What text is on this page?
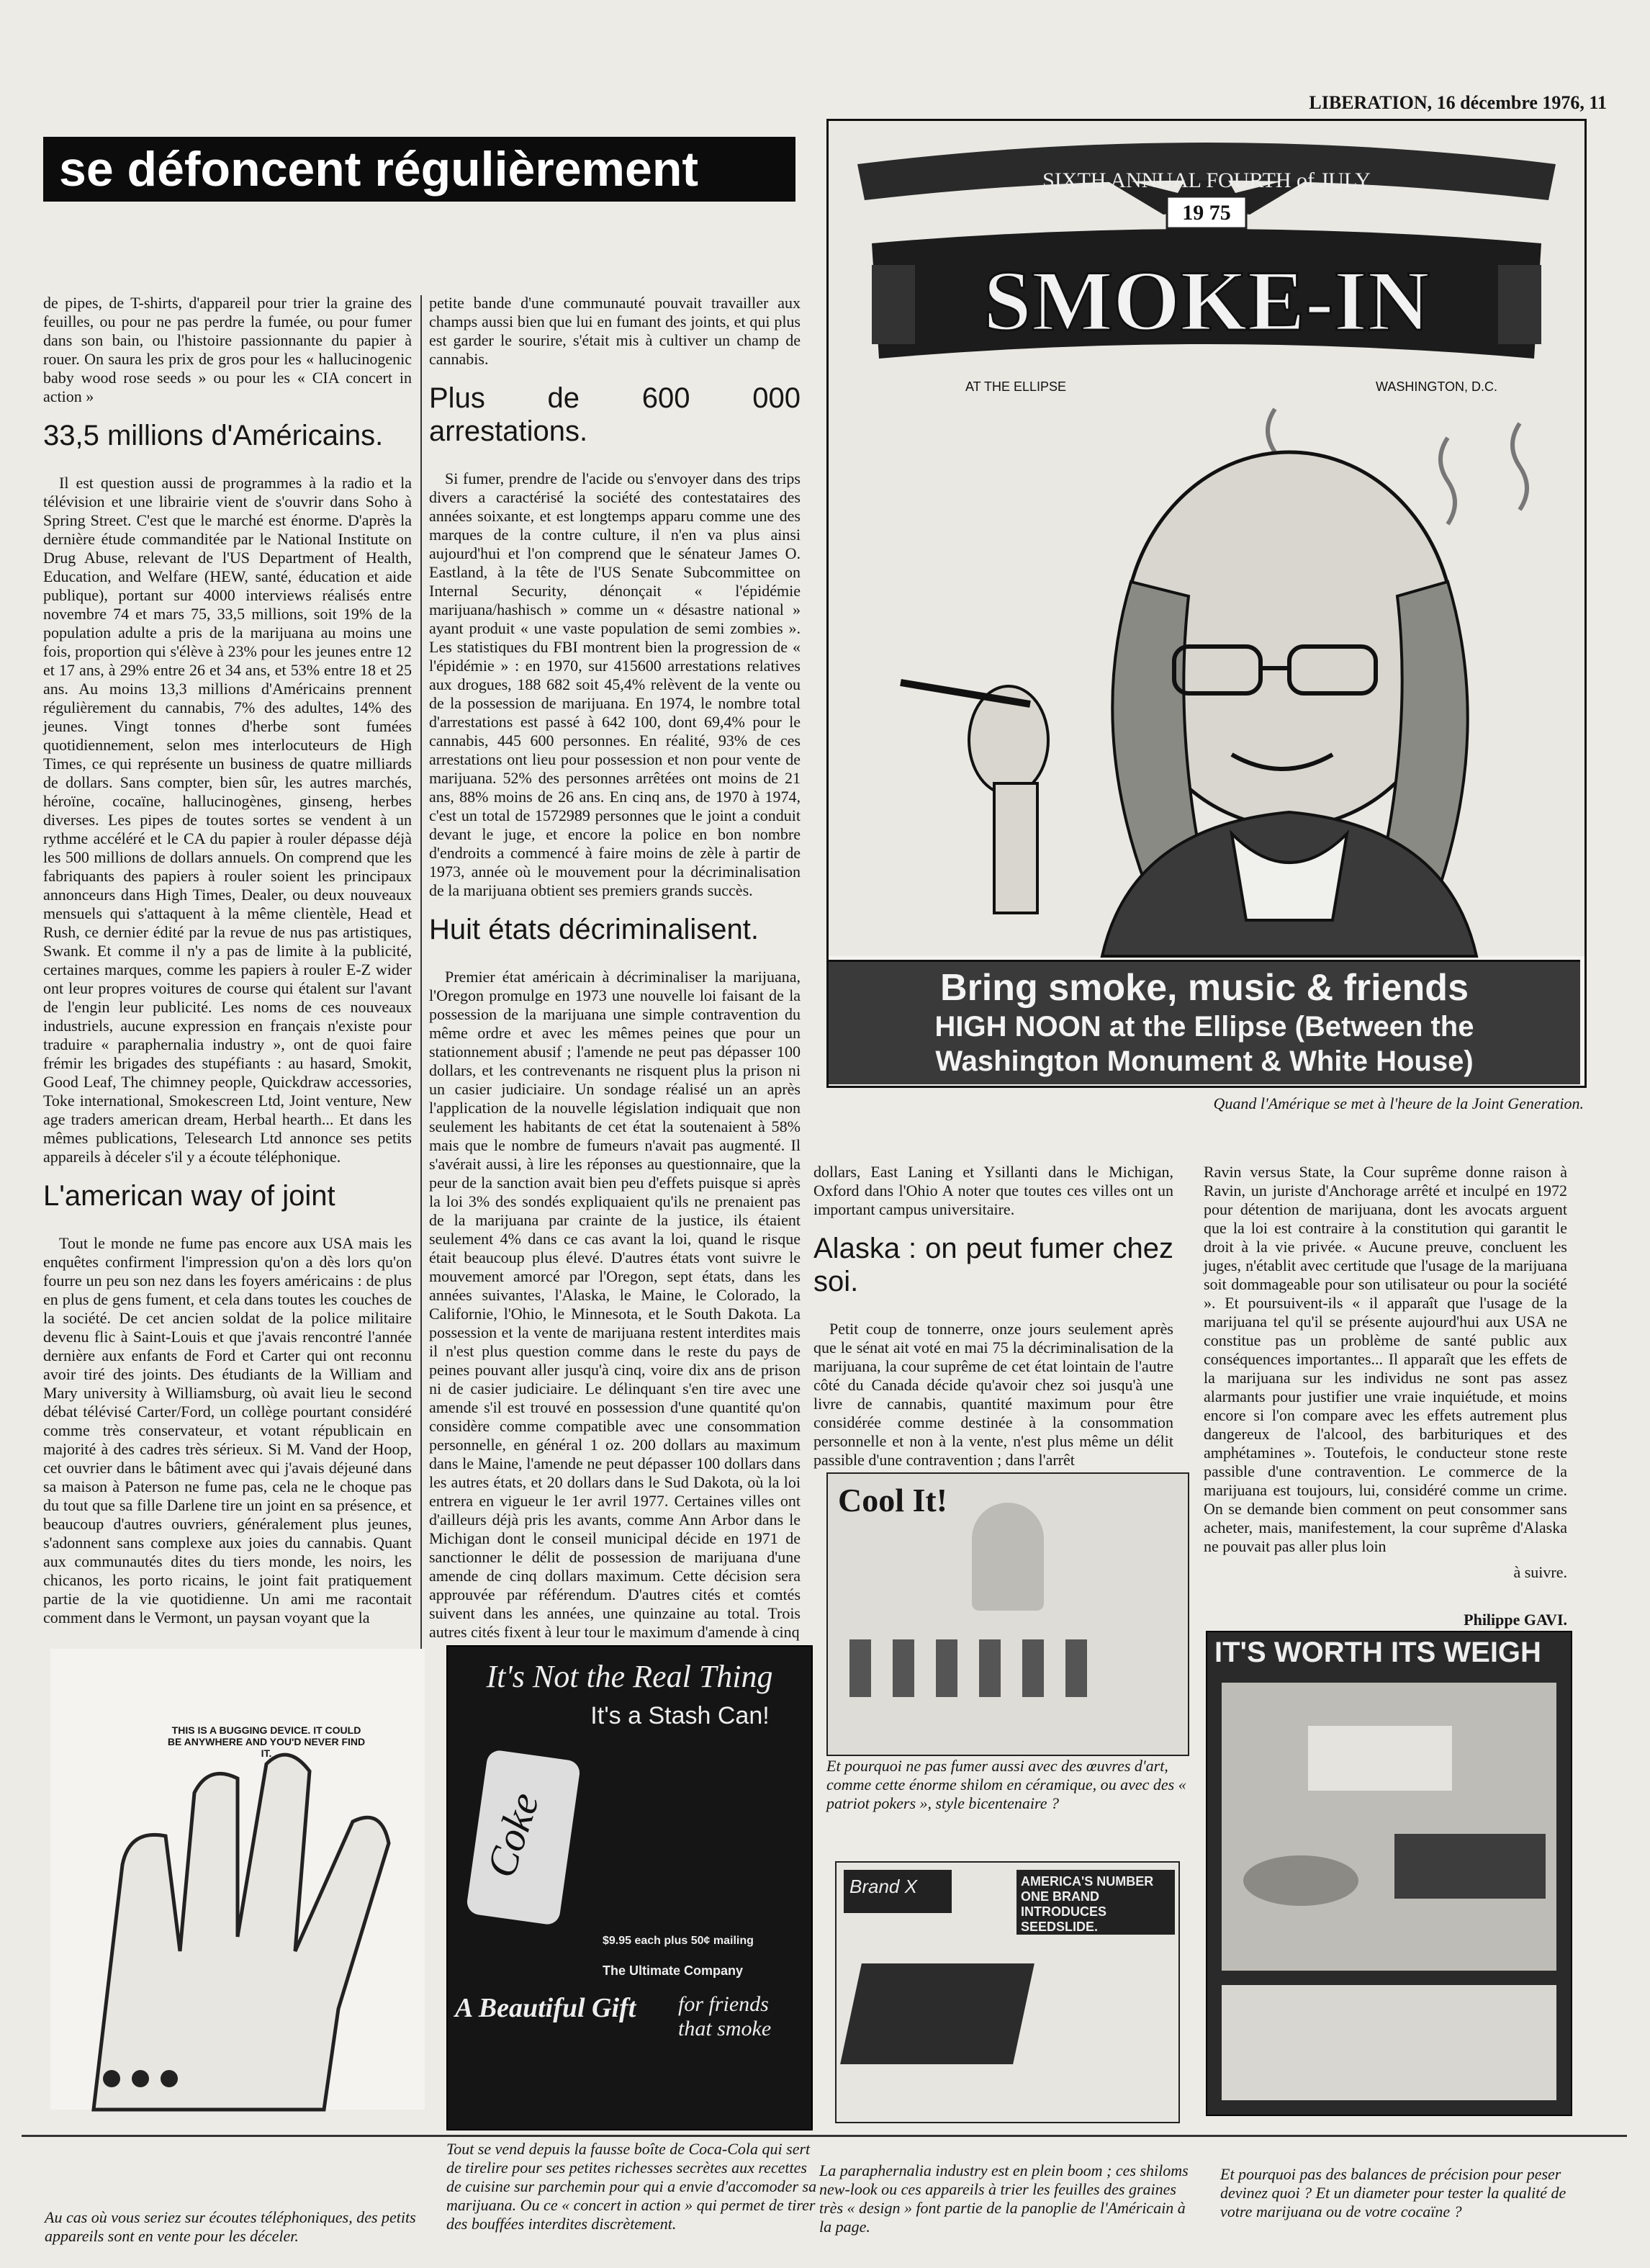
LIBERATION, 16 décembre 1976, 11
se défoncent régulièrement

de pipes, de T-shirts, d'appareil pour trier la graine des feuilles, ou pour ne pas perdre la fumée, ou pour fumer dans son bain, ou l'histoire passionnante du papier à rouer. On saura les prix de gros pour les « hallucinogenic baby wood rose seeds » ou pour les « CIA concert in action »

33,5 millions d'Américains.

Il est question aussi de programmes à la radio et la télévision et une librairie vient de s'ouvrir dans Soho à Spring Street. C'est que le marché est énorme. D'après la dernière étude commanditée par le National Institute on Drug Abuse, relevant de l'US Department of Health, Education, and Welfare (HEW, santé, éducation et aide publique), portant sur 4000 interviews réalisés entre novembre 74 et mars 75, 33,5 millions, soit 19% de la population adulte a pris de la marijuana au moins une fois, proportion qui s'élève à 23% pour les jeunes entre 12 et 17 ans, à 29% entre 26 et 34 ans, et 53% entre 18 et 25 ans. Au moins 13,3 millions d'Américains prennent régulièrement du cannabis, 7% des adultes, 14% des jeunes. Vingt tonnes d'herbe sont fumées quotidiennement, selon mes interlocuteurs de High Times, ce qui représente un business de quatre milliards de dollars. Sans compter, bien sûr, les autres marchés, héroïne, cocaïne, hallucinogènes, ginseng, herbes diverses. Les pipes de toutes sortes se vendent à un rythme accéléré et le CA du papier à rouler dépasse déjà les 500 millions de dollars annuels. On comprend que les fabriquants des papiers à rouler soient les principaux annonceurs dans High Times, Dealer, ou deux nouveaux mensuels qui s'attaquent à la même clientèle, Head et Rush, ce dernier édité par la revue de nus pas artistiques, Swank. Et comme il n'y a pas de limite à la publicité, certaines marques, comme les papiers à rouler E-Z wider ont leur propres voitures de course qui étalent sur l'avant de l'engin leur publicité. Les noms de ces nouveaux industriels, aucune expression en français n'existe pour traduire « paraphernalia industry », ont de quoi faire frémir les brigades des stupéfiants : au hasard, Smokit, Good Leaf, The chimney people, Quickdraw accessories, Toke international, Smokescreen Ltd, Joint venture, New age traders american dream, Herbal hearth... Et dans les mêmes publications, Telesearch Ltd annonce ses petits appareils à déceler s'il y a écoute téléphonique.

L'american way of joint

Tout le monde ne fume pas encore aux USA mais les enquêtes confirment l'impression qu'on a dès lors qu'on fourre un peu son nez dans les foyers américains : de plus en plus de gens fument, et cela dans toutes les couches de la société. De cet ancien soldat de la police militaire devenu flic à Saint-Louis et que j'avais rencontré l'année dernière aux enfants de Ford et Carter qui ont reconnu avoir tiré des joints. Des étudiants de la William and Mary university à Williamsburg, où avait lieu le second débat télévisé Carter/Ford, un collège pourtant considéré comme très conservateur, et votant républicain en majorité à des cadres très sérieux. Si M. Vand der Hoop, cet ouvrier dans le bâtiment avec qui j'avais déjeuné dans sa maison à Paterson ne fume pas, cela ne le choque pas du tout que sa fille Darlene tire un joint en sa présence, et beaucoup d'autres ouvriers, généralement plus jeunes, s'adonnent sans complexe aux joies du cannabis. Quant aux communautés dites du tiers monde, les noirs, les chicanos, les porto ricains, le joint fait pratiquement partie de la vie quotidienne. Un ami me racontait comment dans le Vermont, un paysan voyant que la

petite bande d'une communauté pouvait travailler aux champs aussi bien que lui en fumant des joints, et qui plus est garder le sourire, s'était mis à cultiver un champ de cannabis.

Plus de 600 000 arrestations.

Si fumer, prendre de l'acide ou s'envoyer dans des trips divers a caractérisé la société des contestataires des années soixante, et est longtemps apparu comme une des marques de la contre culture, il n'en va plus ainsi aujourd'hui et l'on comprend que le sénateur James O. Eastland, à la tête de l'US Senate Subcommittee on Internal Security, dénonçait « l'épidémie marijuana/hashisch » comme un « désastre national » ayant produit « une vaste population de semi zombies ». Les statistiques du FBI montrent bien la progression de « l'épidémie » : en 1970, sur 415600 arrestations relatives aux drogues, 188 682 soit 45,4% relèvent de la vente ou de la possession de marijuana. En 1974, le nombre total d'arrestations est passé à 642 100, dont 69,4% pour le cannabis, 445 600 personnes. En réalité, 93% de ces arrestations ont lieu pour possession et non pour vente de marijuana. 52% des personnes arrêtées ont moins de 21 ans, 88% moins de 26 ans. En cinq ans, de 1970 à 1974, c'est un total de 1572989 personnes que le joint a conduit devant le juge, et encore la police en bon nombre d'endroits a commencé à faire moins de zèle à partir de 1973, année où le mouvement pour la décriminalisation de la marijuana obtient ses premiers grands succès.

Huit états décriminalisent.

Premier état américain à décriminaliser la marijuana, l'Oregon promulge en 1973 une nouvelle loi faisant de la possession de la marijuana une simple contravention du même ordre et avec les mêmes peines que pour un stationnement abusif ; l'amende ne peut pas dépasser 100 dollars, et les contrevenants ne risquent plus la prison ni un casier judiciaire. Un sondage réalisé un an après l'application de la nouvelle législation indiquait que non seulement les habitants de cet état la soutenaient à 58% mais que le nombre de fumeurs n'avait pas augmenté. Il s'avérait aussi, à lire les réponses au questionnaire, que la peur de la sanction avait bien peu d'effets puisque si après la loi 3% des sondés expliquaient qu'ils ne prenaient pas de la marijuana par crainte de la justice, ils étaient seulement 4% dans ce cas avant la loi, quand le risque était beaucoup plus élevé. D'autres états vont suivre le mouvement amorcé par l'Oregon, sept états, dans les années suivantes, l'Alaska, le Maine, le Colorado, la Californie, l'Ohio, le Minnesota, et le South Dakota. La possession et la vente de marijuana restent interdites mais il n'est plus question comme dans le reste du pays de peines pouvant aller jusqu'à cinq, voire dix ans de prison ni de casier judiciaire. Le délinquant s'en tire avec une amende s'il est trouvé en possession d'une quantité qu'on considère comme compatible avec une consommation personnelle, en général 1 oz. 200 dollars au maximum dans le Maine, l'amende ne peut dépasser 100 dollars dans les autres états, et 20 dollars dans le Sud Dakota, où la loi entrera en vigueur le 1er avril 1977. Certaines villes ont d'ailleurs déjà pris les avants, comme Ann Arbor dans le Michigan dont le conseil municipal décide en 1971 de sanctionner le délit de possession de marijuana d'une amende de cinq dollars maximum. Cette décision sera approuvée par référendum. D'autres cités et comtés suivent dans les années, une quinzaine au total. Trois autres cités fixent à leur tour le maximum d'amende à cinq

SIXTH ANNUAL FOURTH of JULY
19 75
SMOKE-IN
AT THE ELLIPSE	WASHINGTON, D.C.
Bring smoke, music & friends
HIGH NOON at the Ellipse (Between the
Washington Monument & White House)
Quand l'Amérique se met à l'heure de la Joint Generation.

dollars, East Laning et Ysillanti dans le Michigan, Oxford dans l'Ohio A noter que toutes ces villes ont un important campus universitaire.

Alaska : on peut fumer chez soi.

Petit coup de tonnerre, onze jours seulement après que le sénat ait voté en mai 75 la décriminalisation de la marijuana, la cour suprême de cet état lointain de l'autre côté du Canada décide qu'avoir chez soi jusqu'à une livre de cannabis, quantité maximum pour être considérée comme destinée à la consommation personnelle et non à la vente, n'est plus même un délit passible d'une contravention ; dans l'arrêt

Ravin versus State, la Cour suprême donne raison à Ravin, un juriste d'Anchorage arrêté et inculpé en 1972 pour détention de marijuana, dont les avocats arguent que la loi est contraire à la constitution qui garantit le droit à la vie privée. « Aucune preuve, concluent les juges, n'établit avec certitude que l'usage de la marijuana soit dommageable pour son utilisateur ou pour la société ». Et poursuivent-ils « il apparaît que l'usage de la marijuana tel qu'il se présente aujourd'hui aux USA ne constitue pas un problème de santé public aux conséquences importantes... Il apparaît que les effets de la marijuana sur les individus ne sont pas assez alarmants pour justifier une vraie inquiétude, et moins encore si l'on compare avec les effets autrement plus dangereux de l'alcool, des barbituriques et des amphétamines ». Toutefois, le conducteur stone reste passible d'une contravention. Le commerce de la marijuana est toujours, lui, considéré comme un crime. On se demande bien comment on peut consommer sans acheter, mais, manifestement, la cour suprême d'Alaska ne pouvait pas aller plus loin

à suivre.

Philippe GAVI.

Cool It!
Et pourquoi ne pas fumer aussi avec des œuvres d'art, comme cette énorme shilom en céramique, ou avec des « patriot pokers », style bicentenaire ?
THIS IS A BUGGING DEVICE. IT COULD BE ANYWHERE AND YOU'D NEVER FIND IT.
It's Not the Real Thing
It's a Stash Can!
Coke
$9.95 each plus 50¢ mailing
The Ultimate Company
A Beautiful Gift for friends that smoke
Brand X	AMERICA'S NUMBER ONE BRAND INTRODUCES SEEDSLIDE.
IT'S WORTH ITS WEIGH
Au cas où vous seriez sur écoutes téléphoniques, des petits appareils sont en vente pour les déceler.
Tout se vend depuis la fausse boîte de Coca-Cola qui sert de tirelire pour ses petites richesses secrètes aux recettes de cuisine sur parchemin pour qui a envie d'accomoder sa marijuana. Ou ce « concert in action » qui permet de tirer des bouffées interdites discrètement.
La paraphernalia industry est en plein boom ; ces shiloms new-look ou ces appareils à trier les feuilles des graines très « design » font partie de la panoplie de l'Américain à la page.
Et pourquoi pas des balances de précision pour peser devinez quoi ? Et un diameter pour tester la qualité de votre marijuana ou de votre cocaïne ?
